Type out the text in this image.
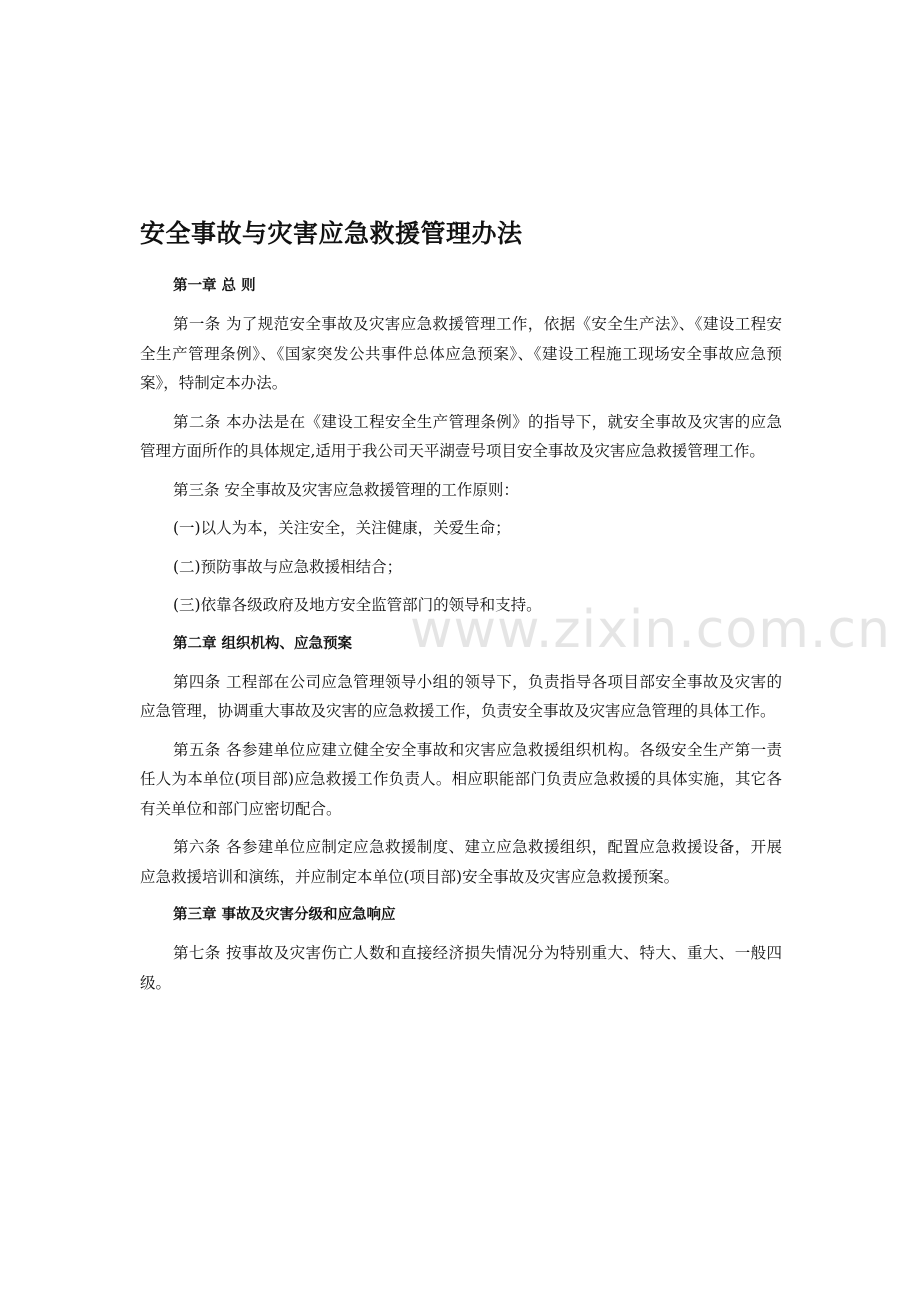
www.zixin.com.cn
安全事故与灾害应急救援管理办法

第一章 总 则

第一条 为了规范安全事故及灾害应急救援管理工作，依据《安全生产法》、《建设工程安全生产管理条例》、《国家突发公共事件总体应急预案》、《建设工程施工现场安全事故应急预案》，特制定本办法。

第二条 本办法是在《建设工程安全生产管理条例》的指导下，就安全事故及灾害的应急管理方面所作的具体规定,适用于我公司天平湖壹号项目安全事故及灾害应急救援管理工作。

第三条 安全事故及灾害应急救援管理的工作原则：

(一)以人为本，关注安全，关注健康，关爱生命；

(二)预防事故与应急救援相结合；

(三)依靠各级政府及地方安全监管部门的领导和支持。

第二章 组织机构、应急预案

第四条 工程部在公司应急管理领导小组的领导下，负责指导各项目部安全事故及灾害的应急管理，协调重大事故及灾害的应急救援工作，负责安全事故及灾害应急管理的具体工作。

第五条 各参建单位应建立健全安全事故和灾害应急救援组织机构。各级安全生产第一责任人为本单位(项目部)应急救援工作负责人。相应职能部门负责应急救援的具体实施，其它各有关单位和部门应密切配合。

第六条 各参建单位应制定应急救援制度、建立应急救援组织，配置应急救援设备，开展应急救援培训和演练，并应制定本单位(项目部)安全事故及灾害应急救援预案。

第三章 事故及灾害分级和应急响应

第七条 按事故及灾害伤亡人数和直接经济损失情况分为特别重大、特大、重大、一般四级。
